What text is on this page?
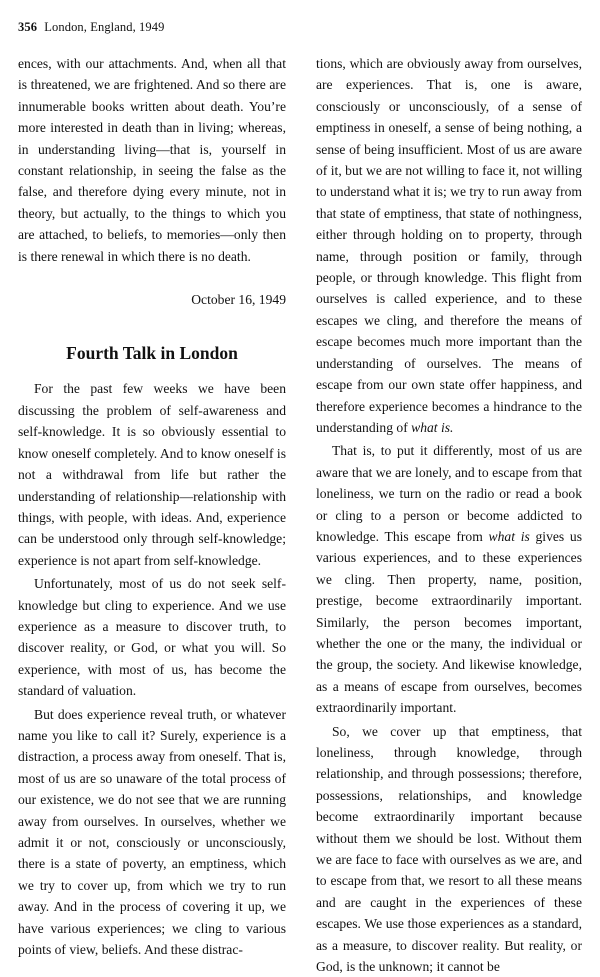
356 London, England, 1949

ences, with our attachments. And, when all that is threatened, we are frightened. And so there are innumerable books written about death. You’re more interested in death than in living; whereas, in understanding living—that is, yourself in constant relationship, in seeing the false as the false, and therefore dying every minute, not in theory, but actually, to the things to which you are attached, to beliefs, to memories—only then is there renewal in which there is no death.

October 16, 1949

Fourth Talk in London

For the past few weeks we have been discussing the problem of self-awareness and self-knowledge. It is so obviously essential to know oneself completely. And to know oneself is not a withdrawal from life but rather the understanding of relationship—relationship with things, with people, with ideas. And, experience can be understood only through self-knowledge; experience is not apart from self-knowledge.

Unfortunately, most of us do not seek self-knowledge but cling to experience. And we use experience as a measure to discover truth, to discover reality, or God, or what you will. So experience, with most of us, has become the standard of valuation.

But does experience reveal truth, or whatever name you like to call it? Surely, experience is a distraction, a process away from oneself. That is, most of us are so unaware of the total process of our existence, we do not see that we are running away from ourselves. In ourselves, whether we admit it or not, consciously or unconsciously, there is a state of poverty, an emptiness, which we try to cover up, from which we try to run away. And in the process of covering it up, we have various experiences; we cling to various points of view, beliefs. And these distrac-

tions, which are obviously away from ourselves, are experiences. That is, one is aware, consciously or unconsciously, of a sense of emptiness in oneself, a sense of being nothing, a sense of being insufficient. Most of us are aware of it, but we are not willing to face it, not willing to understand what it is; we try to run away from that state of emptiness, that state of nothingness, either through holding on to property, through name, through position or family, through people, or through knowledge. This flight from ourselves is called experience, and to these escapes we cling, and therefore the means of escape becomes much more important than the understanding of ourselves. The means of escape from our own state offer happiness, and therefore experience becomes a hindrance to the understanding of what is.

That is, to put it differently, most of us are aware that we are lonely, and to escape from that loneliness, we turn on the radio or read a book or cling to a person or become addicted to knowledge. This escape from what is gives us various experiences, and to these experiences we cling. Then property, name, position, prestige, become extraordinarily important. Similarly, the person becomes important, whether the one or the many, the individual or the group, the society. And likewise knowledge, as a means of escape from ourselves, becomes extraordinarily important.

So, we cover up that emptiness, that loneliness, through knowledge, through relationship, and through possessions; therefore, possessions, relationships, and knowledge become extraordinarily important because without them we should be lost. Without them we are face to face with ourselves as we are, and to escape from that, we resort to all these means and are caught in the experiences of these escapes. We use those experiences as a standard, as a measure, to discover reality. But reality, or God, is the unknown; it cannot be
